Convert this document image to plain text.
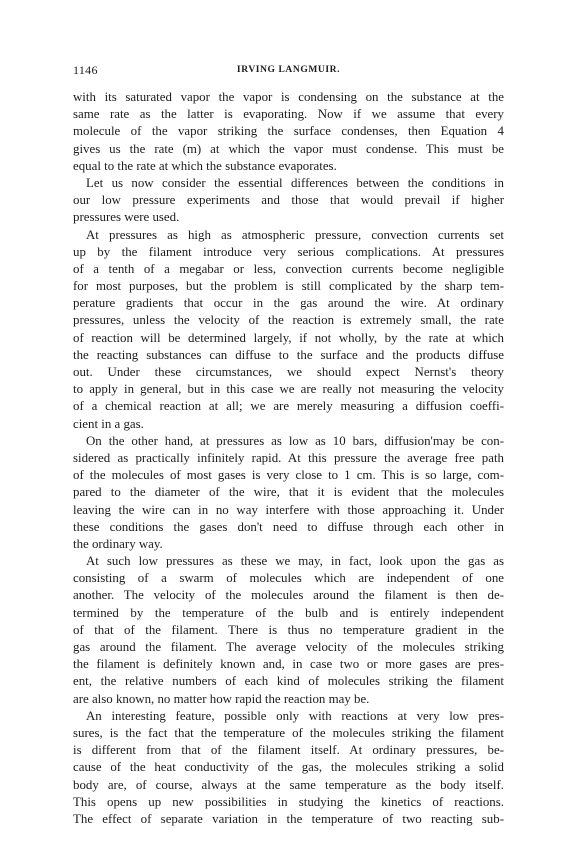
1146	IRVING LANGMUIR.
with its saturated vapor the vapor is condensing on the substance at the
same rate as the latter is evaporating. Now if we assume that every
molecule of the vapor striking the surface condenses, then Equation 4
gives us the rate (m) at which the vapor must condense. This must be
equal to the rate at which the substance evaporates.
Let us now consider the essential differences between the conditions in
our low pressure experiments and those that would prevail if higher
pressures were used.
At pressures as high as atmospheric pressure, convection currents set
up by the filament introduce very serious complications. At pressures
of a tenth of a megabar or less, convection currents become negligible
for most purposes, but the problem is still complicated by the sharp tem-
perature gradients that occur in the gas around the wire. At ordinary
pressures, unless the velocity of the reaction is extremely small, the rate
of reaction will be determined largely, if not wholly, by the rate at which
the reacting substances can diffuse to the surface and the products diffuse
out. Under these circumstances, we should expect Nernst's theory
to apply in general, but in this case we are really not measuring the velocity
of a chemical reaction at all; we are merely measuring a diffusion coeffi-
cient in a gas.
On the other hand, at pressures as low as 10 bars, diffusion'may be con-
sidered as practically infinitely rapid. At this pressure the average free path
of the molecules of most gases is very close to 1 cm. This is so large, com-
pared to the diameter of the wire, that it is evident that the molecules
leaving the wire can in no way interfere with those approaching it. Under
these conditions the gases don't need to diffuse through each other in
the ordinary way.
At such low pressures as these we may, in fact, look upon the gas as
consisting of a swarm of molecules which are independent of one
another. The velocity of the molecules around the filament is then de-
termined by the temperature of the bulb and is entirely independent
of that of the filament. There is thus no temperature gradient in the
gas around the filament. The average velocity of the molecules striking
the filament is definitely known and, in case two or more gases are pres-
ent, the relative numbers of each kind of molecules striking the filament
are also known, no matter how rapid the reaction may be.
An interesting feature, possible only with reactions at very low pres-
sures, is the fact that the temperature of the molecules striking the filament
is different from that of the filament itself. At ordinary pressures, be-
cause of the heat conductivity of the gas, the molecules striking a solid
body are, of course, always at the same temperature as the body itself.
This opens up new possibilities in studying the kinetics of reactions.
The effect of separate variation in the temperature of two reacting sub-
